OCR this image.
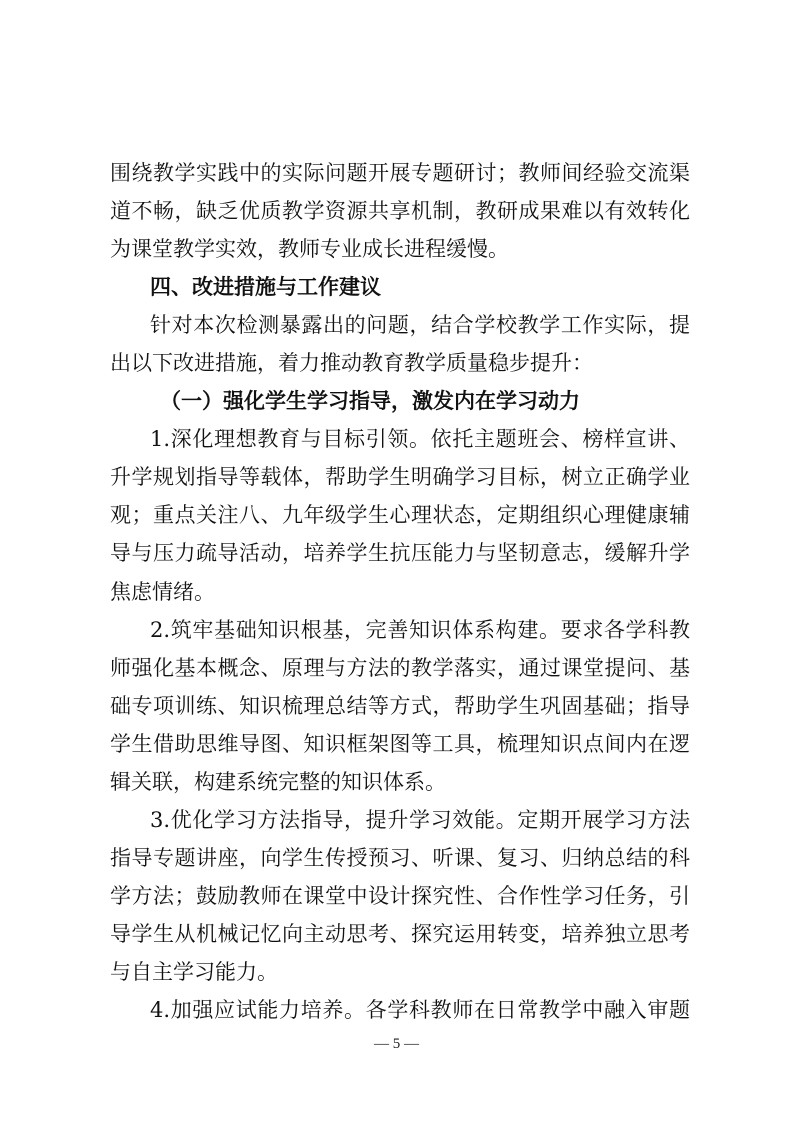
围绕教学实践中的实际问题开展专题研讨；教师间经验交流渠
道不畅，缺乏优质教学资源共享机制，教研成果难以有效转化
为课堂教学实效，教师专业成长进程缓慢。
四、改进措施与工作建议
针对本次检测暴露出的问题，结合学校教学工作实际，提
出以下改进措施，着力推动教育教学质量稳步提升：
（一）强化学生学习指导，激发内在学习动力
1.深化理想教育与目标引领。依托主题班会、榜样宣讲、
升学规划指导等载体，帮助学生明确学习目标，树立正确学业
观；重点关注八、九年级学生心理状态，定期组织心理健康辅
导与压力疏导活动，培养学生抗压能力与坚韧意志，缓解升学
焦虑情绪。
2.筑牢基础知识根基，完善知识体系构建。要求各学科教
师强化基本概念、原理与方法的教学落实，通过课堂提问、基
础专项训练、知识梳理总结等方式，帮助学生巩固基础；指导
学生借助思维导图、知识框架图等工具，梳理知识点间内在逻
辑关联，构建系统完整的知识体系。
3.优化学习方法指导，提升学习效能。定期开展学习方法
指导专题讲座，向学生传授预习、听课、复习、归纳总结的科
学方法；鼓励教师在课堂中设计探究性、合作性学习任务，引
导学生从机械记忆向主动思考、探究运用转变，培养独立思考
与自主学习能力。
4.加强应试能力培养。各学科教师在日常教学中融入审题
— 5 —
